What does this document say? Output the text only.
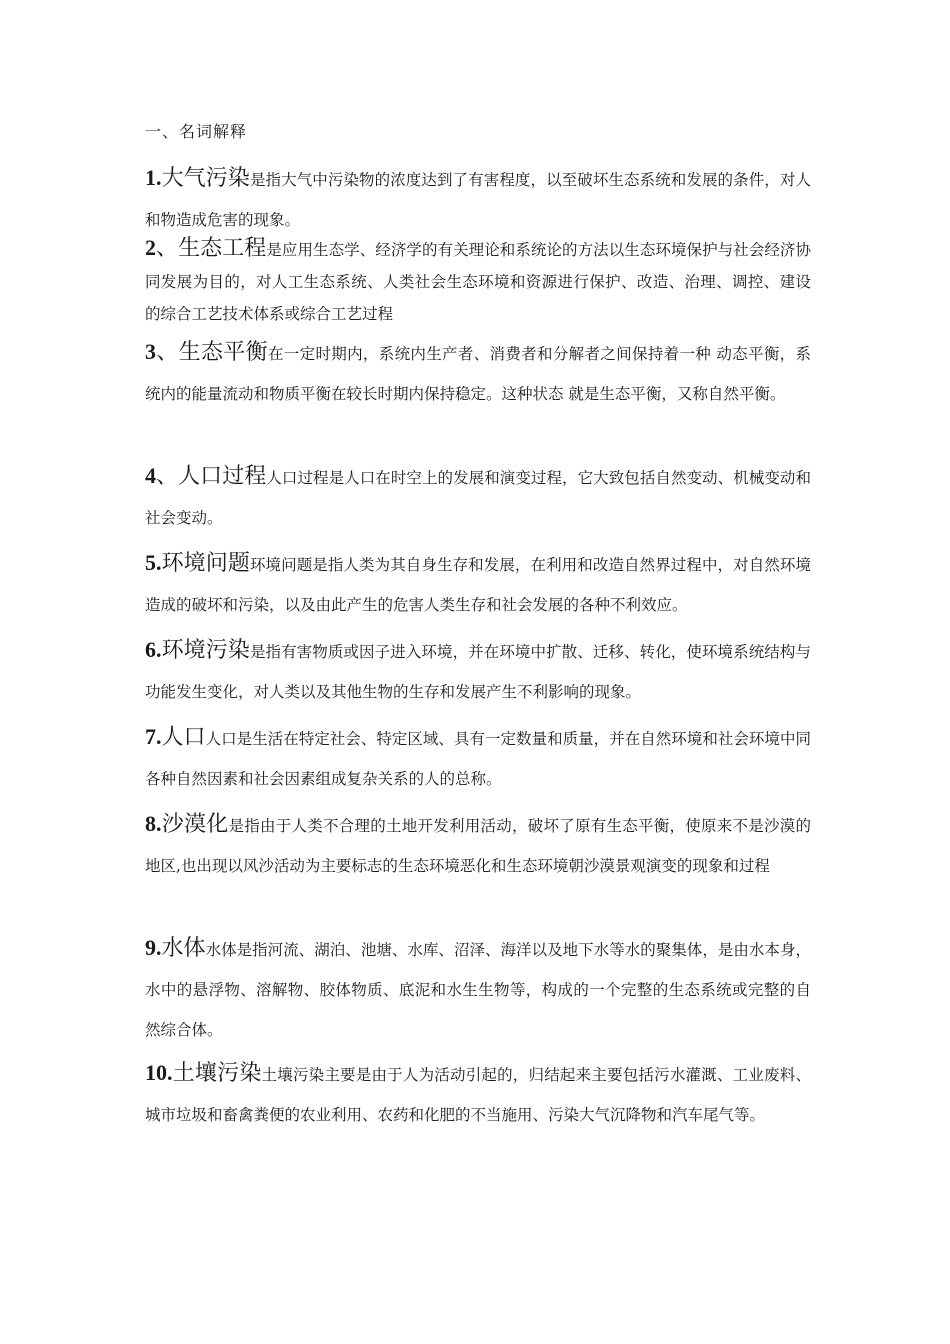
一、名词解释
1.大气污染是指大气中污染物的浓度达到了有害程度，以至破坏生态系统和发展的条件，对人和物造成危害的现象。
2、生态工程是应用生态学、经济学的有关理论和系统论的方法以生态环境保护与社会经济协同发展为目的，对人工生态系统、人类社会生态环境和资源进行保护、改造、治理、调控、建设的综合工艺技术体系或综合工艺过程
3、生态平衡在一定时期内，系统内生产者、消费者和分解者之间保持着一种 动态平衡，系统内的能量流动和物质平衡在较长时期内保持稳定。这种状态 就是生态平衡，又称自然平衡。
4、人口过程人口过程是人口在时空上的发展和演变过程，它大致包括自然变动、机械变动和社会变动。
5.环境问题环境问题是指人类为其自身生存和发展，在利用和改造自然界过程中，对自然环境造成的破坏和污染，以及由此产生的危害人类生存和社会发展的各种不利效应。
6.环境污染是指有害物质或因子进入环境，并在环境中扩散、迁移、转化，使环境系统结构与功能发生变化，对人类以及其他生物的生存和发展产生不利影响的现象。
7.人口人口是生活在特定社会、特定区域、具有一定数量和质量，并在自然环境和社会环境中同各种自然因素和社会因素组成复杂关系的人的总称。
8.沙漠化是指由于人类不合理的土地开发利用活动，破坏了原有生态平衡，使原来不是沙漠的地区,也出现以风沙活动为主要标志的生态环境恶化和生态环境朝沙漠景观演变的现象和过程
9.水体水体是指河流、湖泊、池塘、水库、沼泽、海洋以及地下水等水的聚集体，是由水本身，水中的悬浮物、溶解物、胶体物质、底泥和水生生物等，构成的一个完整的生态系统或完整的自然综合体。
10.土壤污染土壤污染主要是由于人为活动引起的，归结起来主要包括污水灌溉、工业废料、城市垃圾和畜禽粪便的农业利用、农药和化肥的不当施用、污染大气沉降物和汽车尾气等。
